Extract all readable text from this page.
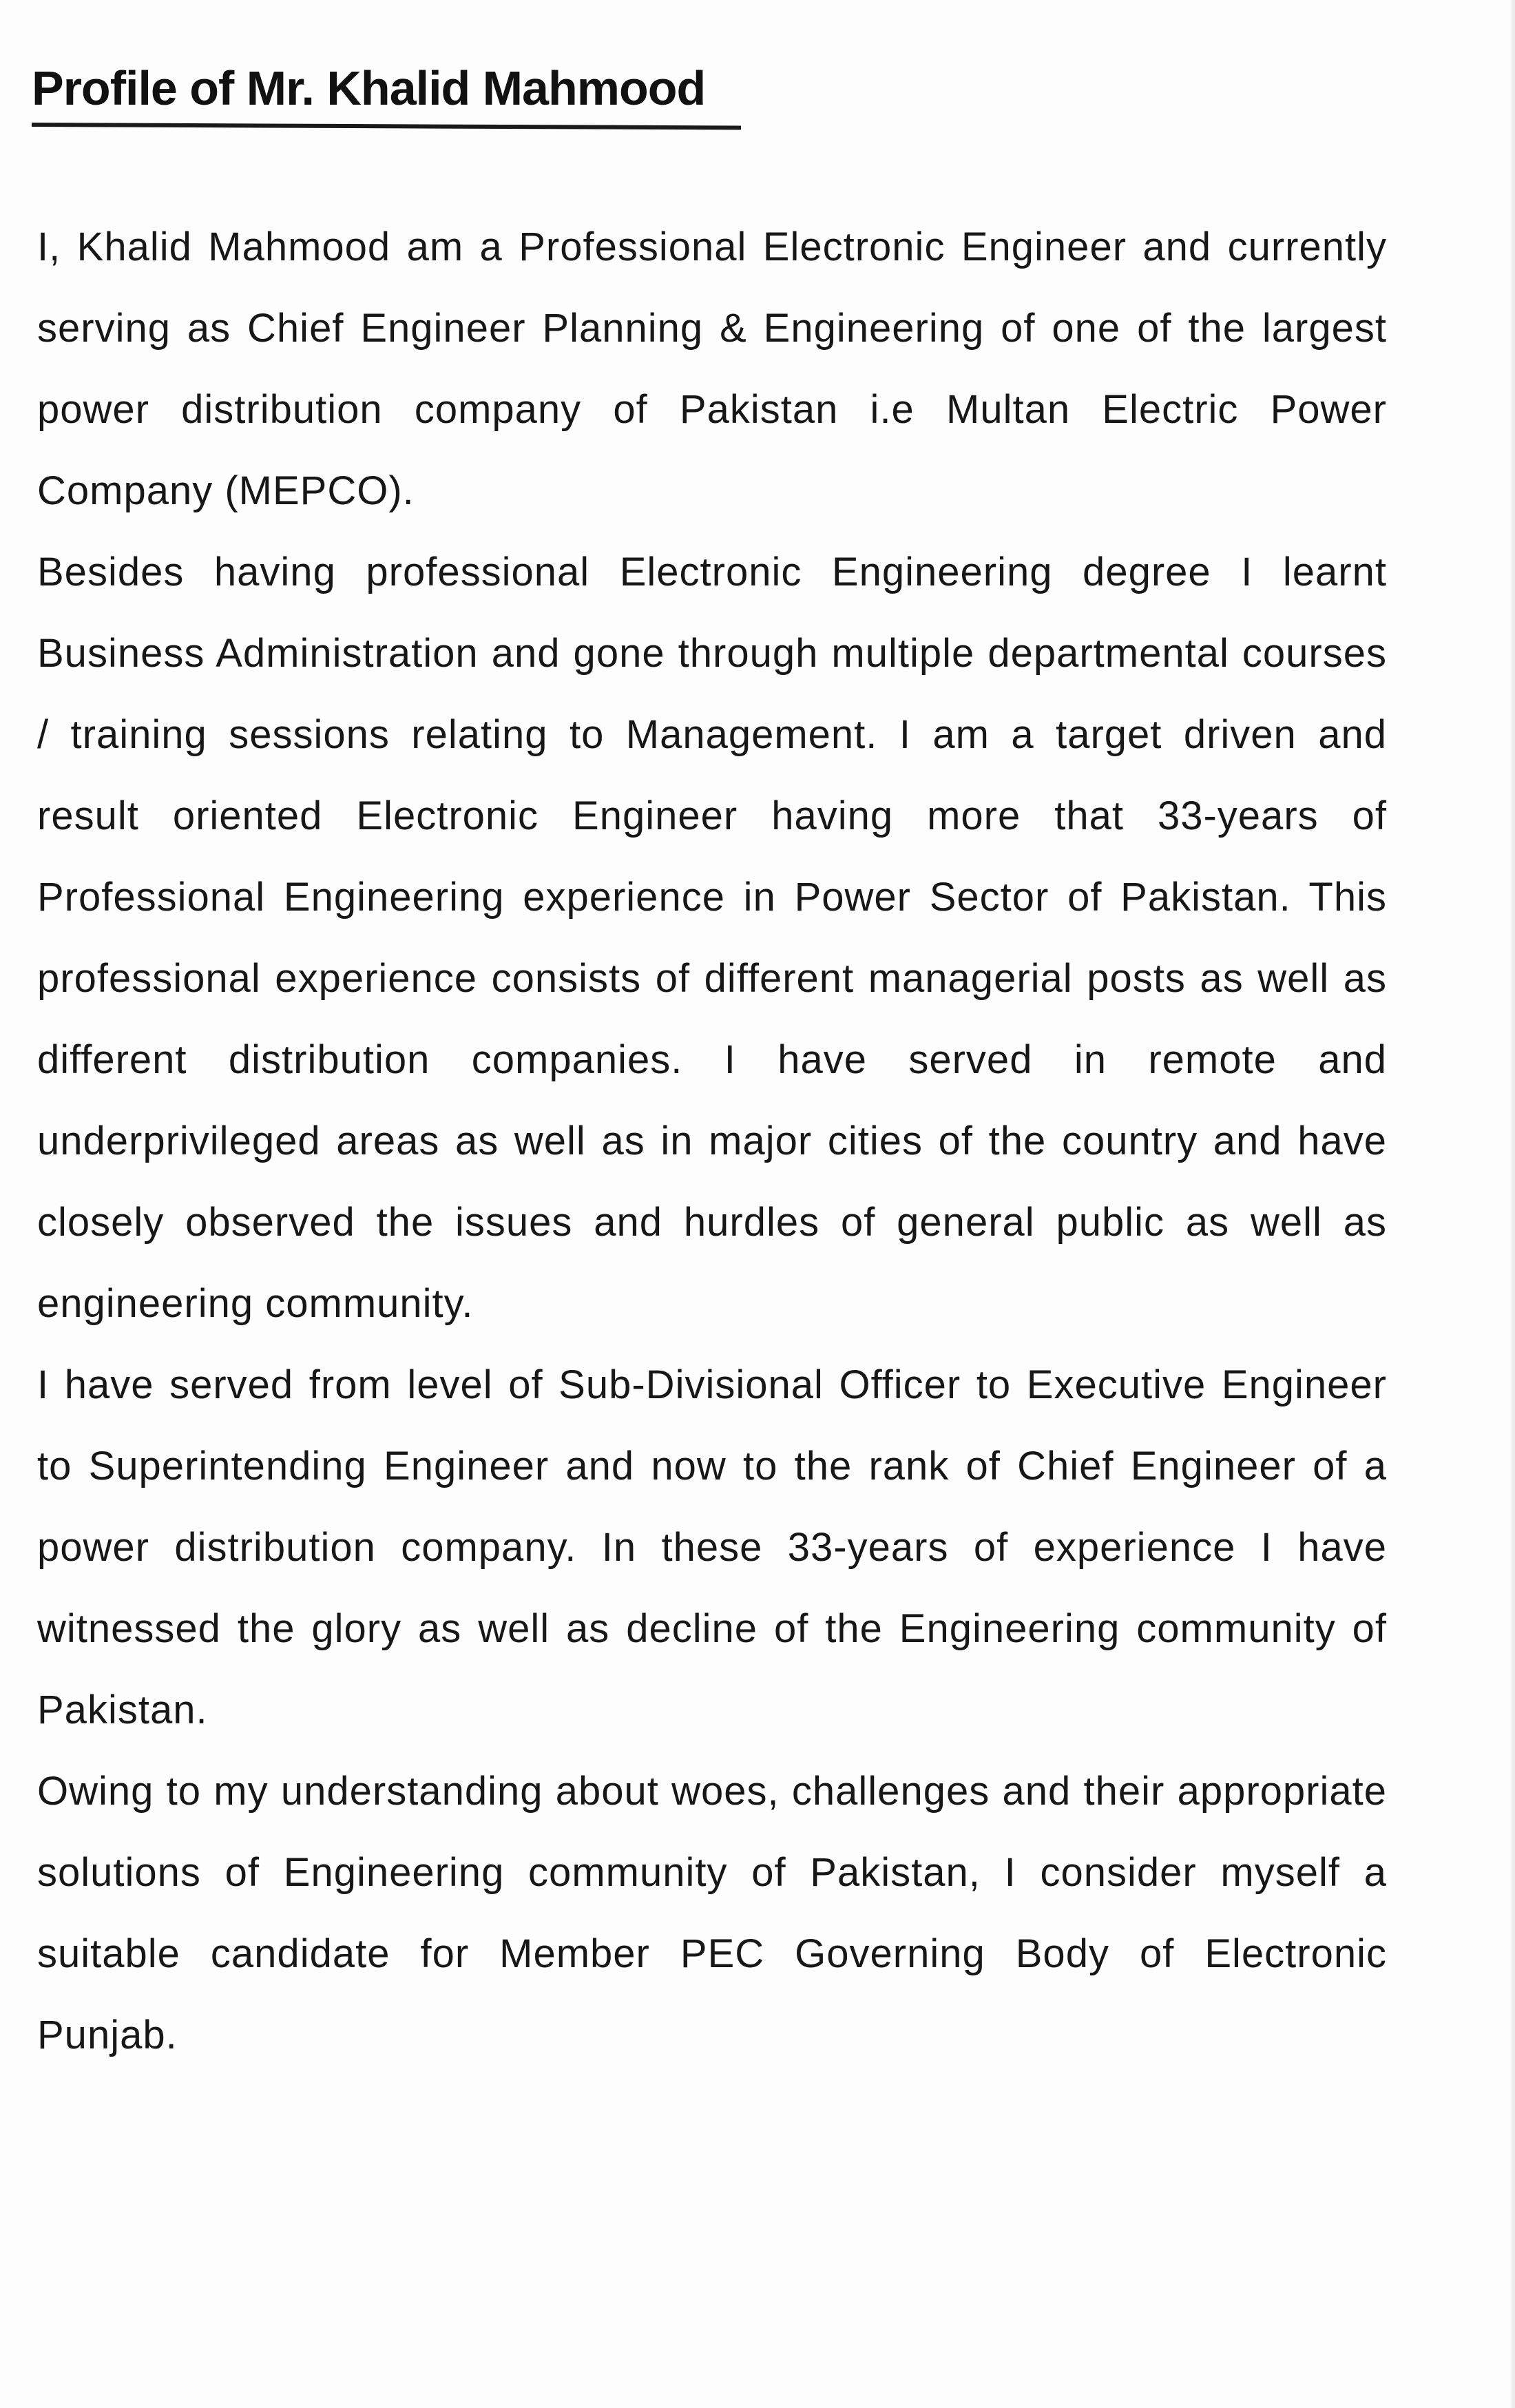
Profile of Mr. Khalid Mahmood

I, Khalid Mahmood am a Professional Electronic Engineer and currently serving as Chief Engineer Planning & Engineering of one of the largest power distribution company of Pakistan i.e Multan Electric Power Company (MEPCO).

Besides having professional Electronic Engineering degree I learnt Business Administration and gone through multiple departmental courses / training sessions relating to Management. I am a target driven and result oriented Electronic Engineer having more that 33-years of Professional Engineering experience in Power Sector of Pakistan. This professional experience consists of different managerial posts as well as different distribution companies. I have served in remote and underprivileged areas as well as in major cities of the country and have closely observed the issues and hurdles of general public as well as engineering community.

I have served from level of Sub-Divisional Officer to Executive Engineer to Superintending Engineer and now to the rank of Chief Engineer of a power distribution company. In these 33-years of experience I have witnessed the glory as well as decline of the Engineering community of Pakistan.

Owing to my understanding about woes, challenges and their appropriate solutions of Engineering community of Pakistan, I consider myself a suitable candidate for Member PEC Governing Body of Electronic Punjab.
